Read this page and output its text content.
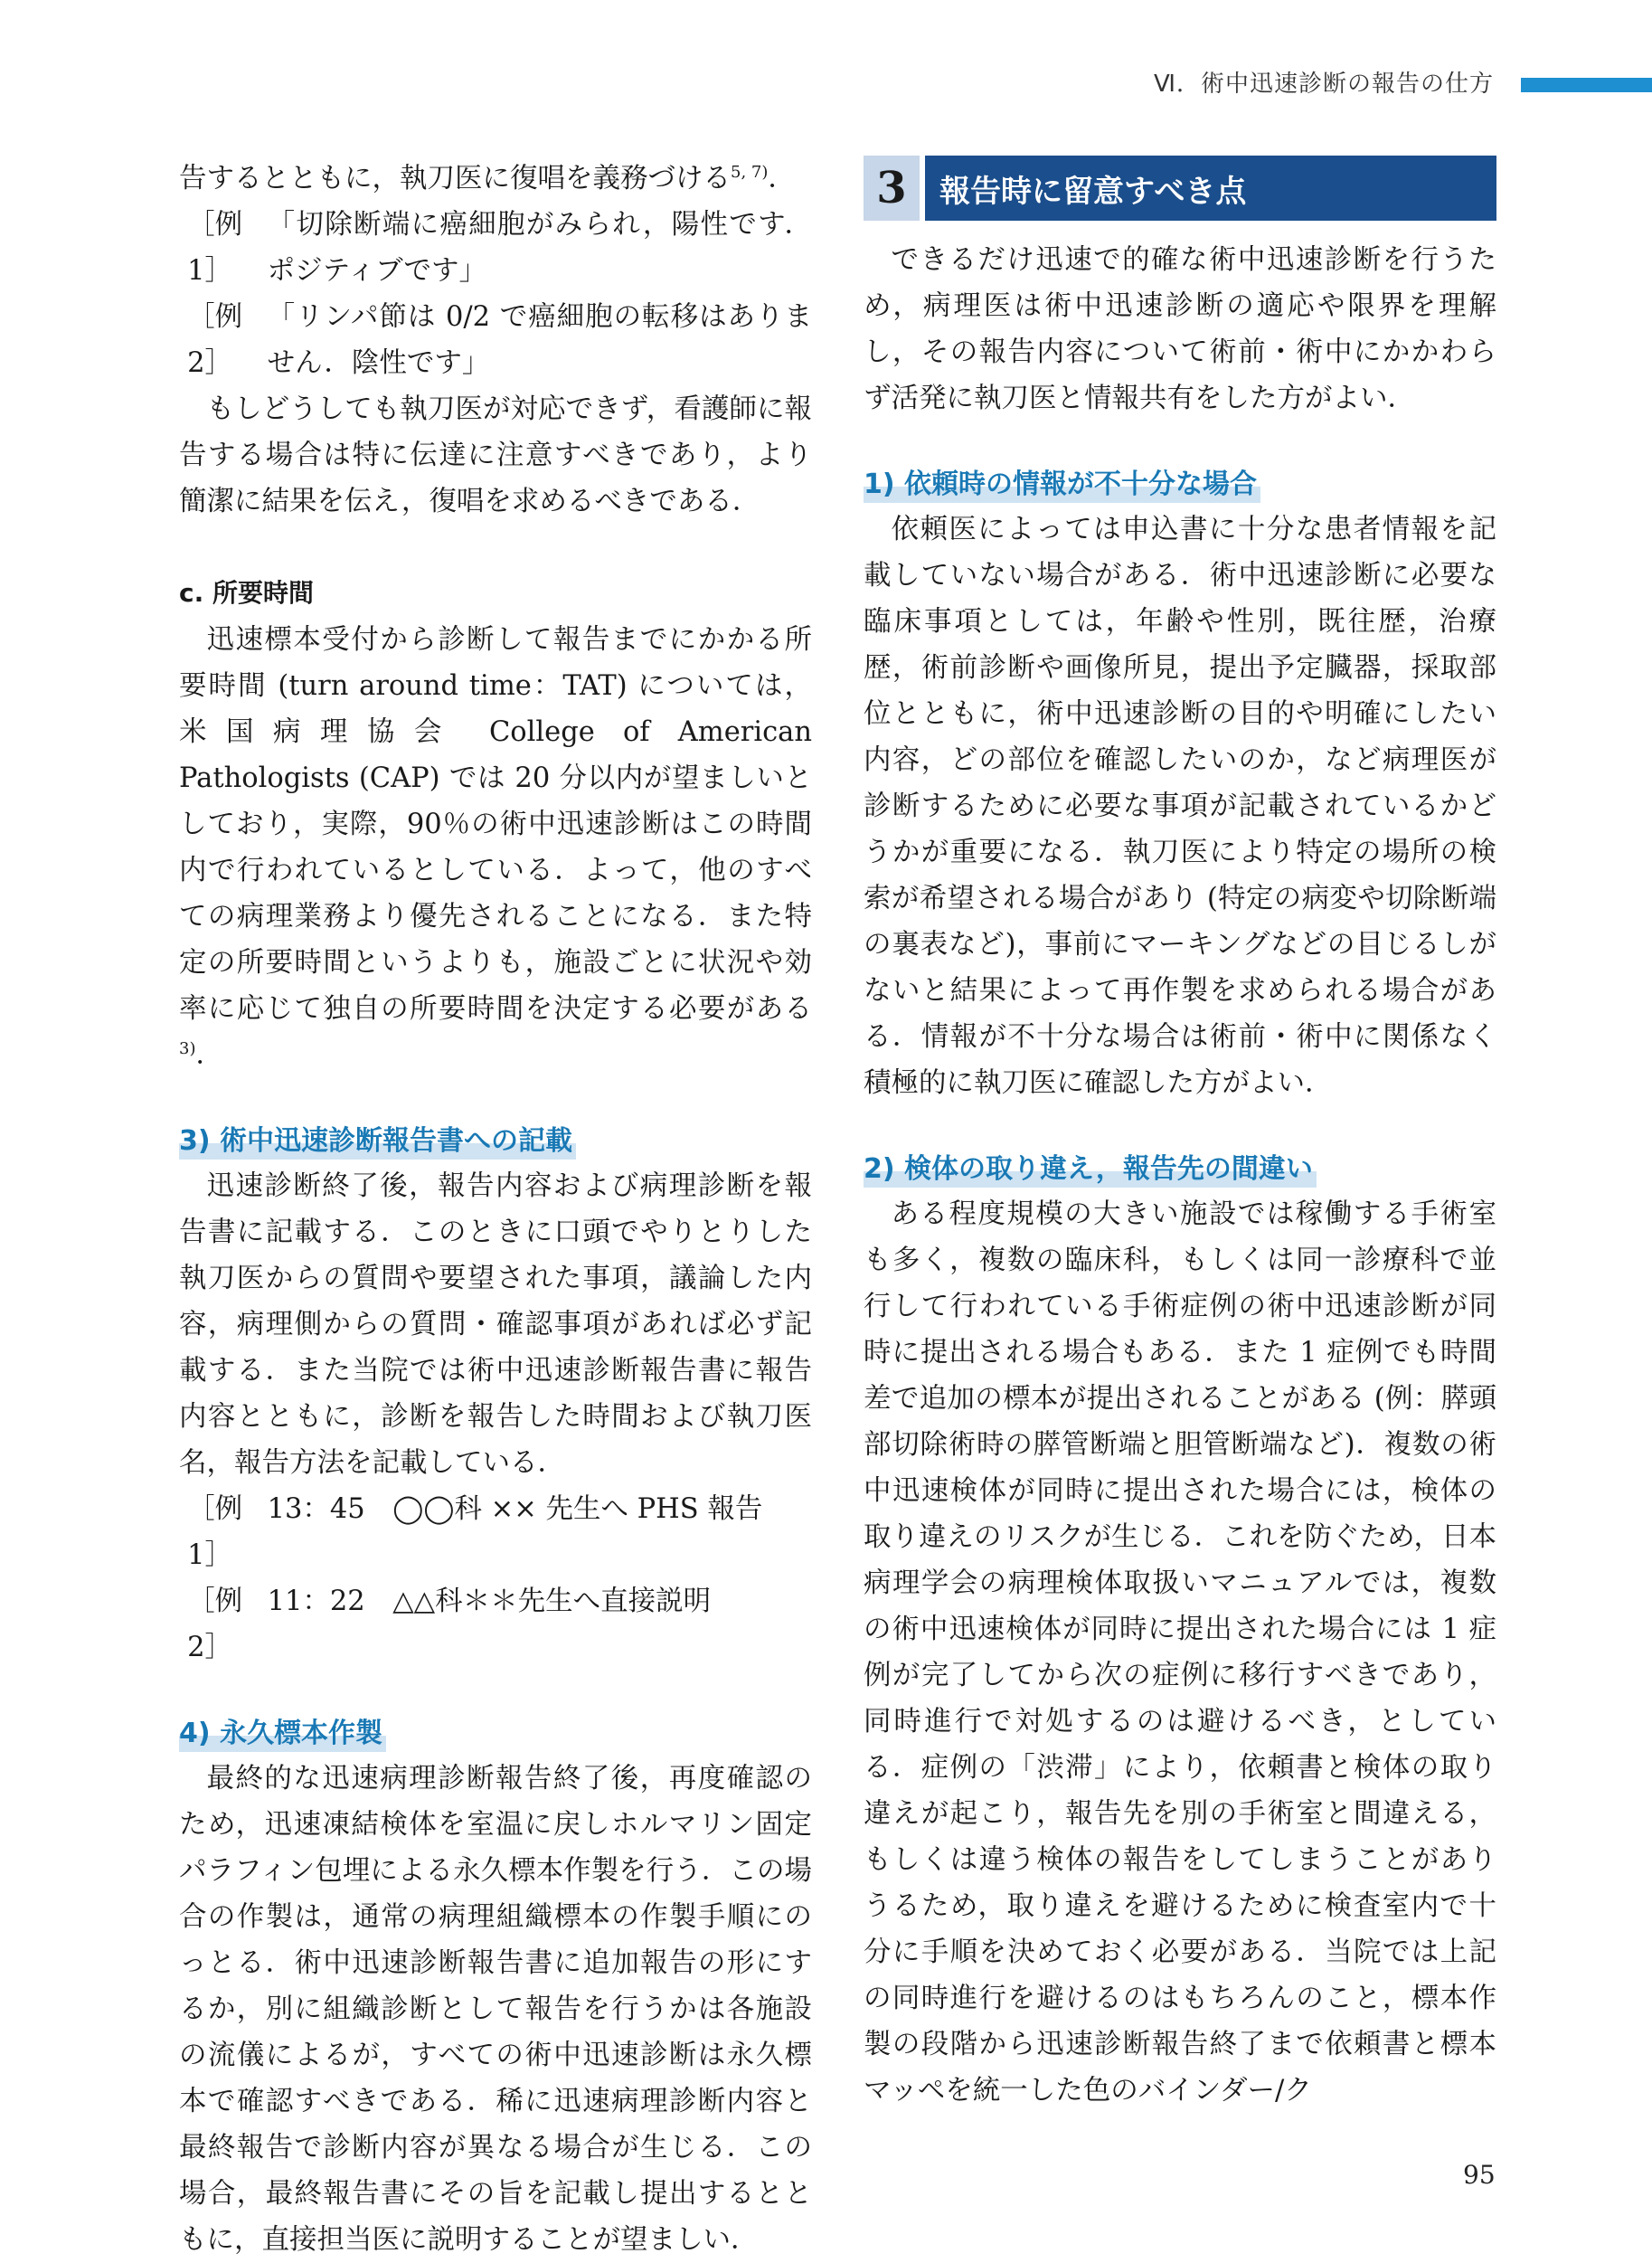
Ⅵ．術中迅速診断の報告の仕方

告するとともに，執刀医に復唱を義務づける$^{5, 7)}$．

［例 1］
「切除断端に癌細胞がみられ，陽性です．ポジティブです」
［例 2］
「リンパ節は 0/2 で癌細胞の転移はありません．陰性です」

もしどうしても執刀医が対応できず，看護師に報告する場合は特に伝達に注意すべきであり，より簡潔に結果を伝え，復唱を求めるべきである．

c. 所要時間

迅速標本受付から診断して報告までにかかる所要時間 (turn around time：TAT) については，米国病理協会 College of American Pathologists (CAP) では 20 分以内が望ましいとしており，実際，90％の術中迅速診断はこの時間内で行われているとしている．よって，他のすべての病理業務より優先されることになる．また特定の所要時間というよりも，施設ごとに状況や効率に応じて独自の所要時間を決定する必要がある$^{3)}$．

3) 術中迅速診断報告書への記載

迅速診断終了後，報告内容および病理診断を報告書に記載する．このときに口頭でやりとりした執刀医からの質問や要望された事項，議論した内容，病理側からの質問・確認事項があれば必ず記載する．また当院では術中迅速診断報告書に報告内容とともに，診断を報告した時間および執刀医名，報告方法を記載している．

［例 1］
13：45　◯◯科 ×× 先生へ PHS 報告
［例 2］
11：22　△△科＊＊先生へ直接説明
4) 永久標本作製

最終的な迅速病理診断報告終了後，再度確認のため，迅速凍結検体を室温に戻しホルマリン固定パラフィン包埋による永久標本作製を行う．この場合の作製は，通常の病理組織標本の作製手順にのっとる．術中迅速診断報告書に追加報告の形にするか，別に組織診断として報告を行うかは各施設の流儀によるが，すべての術中迅速診断は永久標本で確認すべきである．稀に迅速病理診断内容と最終報告で診断内容が異なる場合が生じる．この場合，最終報告書にその旨を記載し提出するとともに，直接担当医に説明することが望ましい．

3	報告時に留意すべき点

できるだけ迅速で的確な術中迅速診断を行うため，病理医は術中迅速診断の適応や限界を理解し，その報告内容について術前・術中にかかわらず活発に執刀医と情報共有をした方がよい．

1) 依頼時の情報が不十分な場合

依頼医によっては申込書に十分な患者情報を記載していない場合がある．術中迅速診断に必要な臨床事項としては，年齢や性別，既往歴，治療歴，術前診断や画像所見，提出予定臓器，採取部位とともに，術中迅速診断の目的や明確にしたい内容，どの部位を確認したいのか，など病理医が診断するために必要な事項が記載されているかどうかが重要になる．執刀医により特定の場所の検索が希望される場合があり (特定の病変や切除断端の裏表など)，事前にマーキングなどの目じるしがないと結果によって再作製を求められる場合がある．情報が不十分な場合は術前・術中に関係なく積極的に執刀医に確認した方がよい．

2) 検体の取り違え，報告先の間違い

ある程度規模の大きい施設では稼働する手術室も多く，複数の臨床科，もしくは同一診療科で並行して行われている手術症例の術中迅速診断が同時に提出される場合もある．また 1 症例でも時間差で追加の標本が提出されることがある (例：膵頭部切除術時の膵管断端と胆管断端など)．複数の術中迅速検体が同時に提出された場合には，検体の取り違えのリスクが生じる．これを防ぐため，日本病理学会の病理検体取扱いマニュアルでは，複数の術中迅速検体が同時に提出された場合には 1 症例が完了してから次の症例に移行すべきであり，同時進行で対処するのは避けるべき，としている．症例の「渋滞」により，依頼書と検体の取り違えが起こり，報告先を別の手術室と間違える，もしくは違う検体の報告をしてしまうことがありうるため，取り違えを避けるために検査室内で十分に手順を決めておく必要がある．当院では上記の同時進行を避けるのはもちろんのこと，標本作製の段階から迅速診断報告終了まで依頼書と標本マッペを統一した色のバインダー/ク

95
